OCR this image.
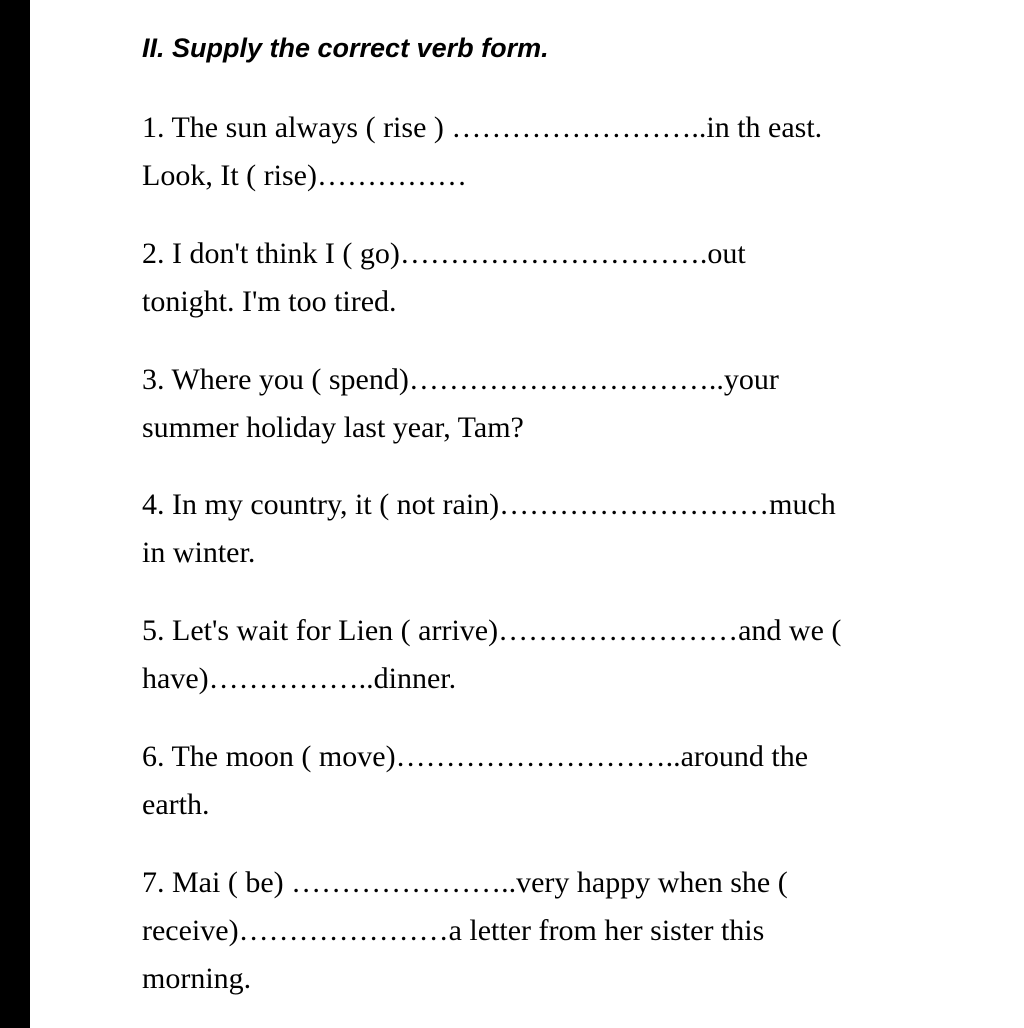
II. Supply the correct verb form.
1. The sun always ( rise ) ……………………..in th east.
Look, It ( rise)……………
2. I don't think I ( go)………………………….out
tonight. I'm too tired.
3. Where you ( spend)…………………………..your
summer holiday last year, Tam?
4. In my country, it ( not rain)………………………much
in winter.
5. Let's wait for Lien ( arrive)……………………and we (
have)……………..dinner.
6. The moon ( move)………………………..around the
earth.
7. Mai ( be) …………………..very happy when she (
receive)…………………a letter from her sister this
morning.
